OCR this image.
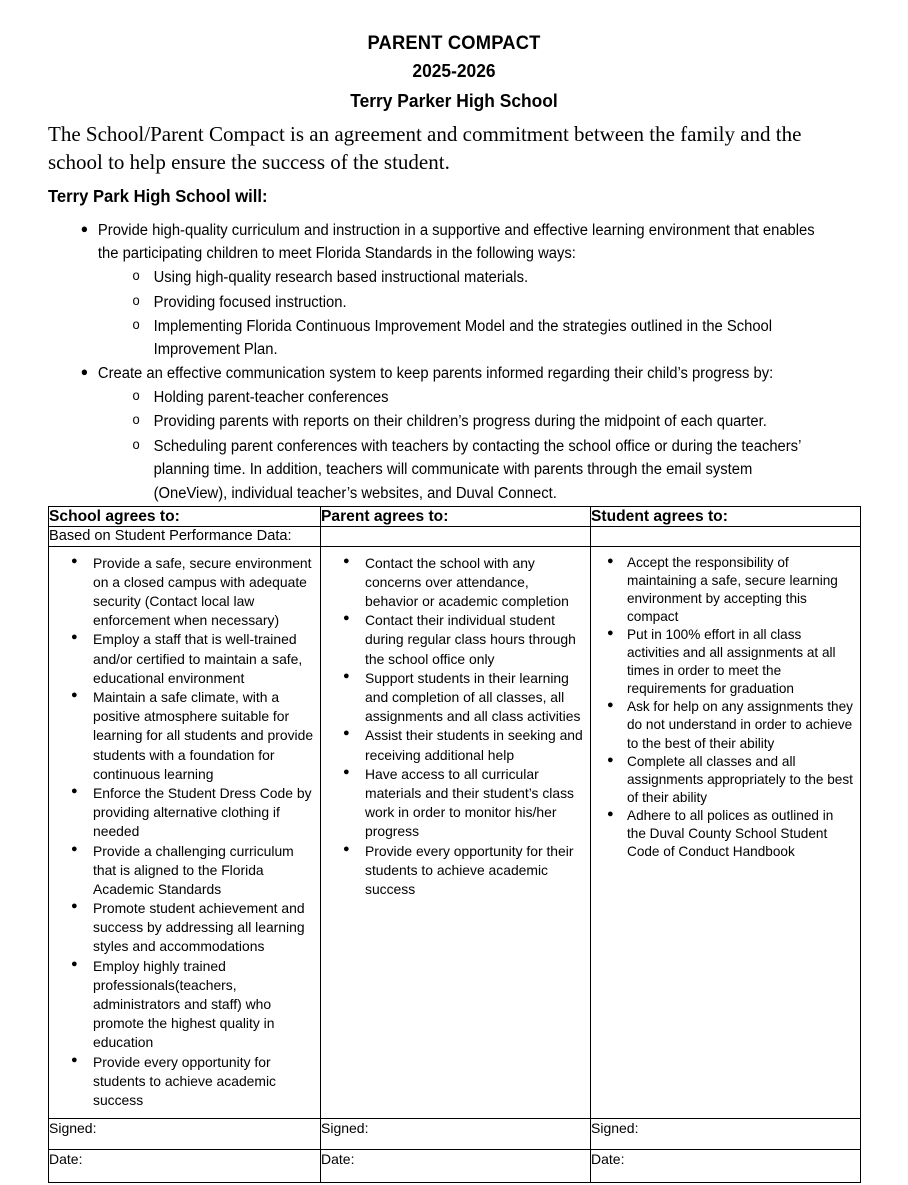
PARENT COMPACT
2025-2026
Terry Parker High School

The School/Parent Compact is an agreement and commitment between the family and the school to help ensure the success of the student.

Terry Park High School will:
● Provide high-quality curriculum and instruction in a supportive and effective learning environment that enables the participating children to meet Florida Standards in the following ways:
o Using high-quality research based instructional materials.
o Providing focused instruction.
o Implementing Florida Continuous Improvement Model and the strategies outlined in the School Improvement Plan.
● Create an effective communication system to keep parents informed regarding their child’s progress by:
o Holding parent-teacher conferences
o Providing parents with reports on their children’s progress during the midpoint of each quarter.
o Scheduling parent conferences with teachers by contacting the school office or during the teachers’ planning time. In addition, teachers will communicate with parents through the email system (OneView), individual teacher’s websites, and Duval Connect.
School agrees to:	Parent agrees to:	Student agrees to:
Based on Student Performance Data:		

● Provide a safe, secure environment on a closed campus with adequate security (Contact local law enforcement when necessary)
● Employ a staff that is well-trained and/or certified to maintain a safe, educational environment
● Maintain a safe climate, with a positive atmosphere suitable for learning for all students and provide students with a foundation for continuous learning
● Enforce the Student Dress Code by providing alternative clothing if needed
● Provide a challenging curriculum that is aligned to the Florida Academic Standards
● Promote student achievement and success by addressing all learning styles and accommodations
● Employ highly trained professionals(teachers, administrators and staff) who promote the highest quality in education
● Provide every opportunity for students to achieve academic success

● Contact the school with any concerns over attendance, behavior or academic completion
● Contact their individual student during regular class hours through the school office only
● Support students in their learning and completion of all classes, all assignments and all class activities
● Assist their students in seeking and receiving additional help
● Have access to all curricular materials and their student’s class work in order to monitor his/her progress
● Provide every opportunity for their students to achieve academic success

● Accept the responsibility of maintaining a safe, secure learning environment by accepting this compact
● Put in 100% effort in all class activities and all assignments at all times in order to meet the requirements for graduation
● Ask for help on any assignments they do not understand in order to achieve to the best of their ability
● Complete all classes and all assignments appropriately to the best of their ability
● Adhere to all polices as outlined in the Duval County School Student Code of Conduct Handbook

Signed:	Signed:	Signed:
Date:	Date:	Date:
